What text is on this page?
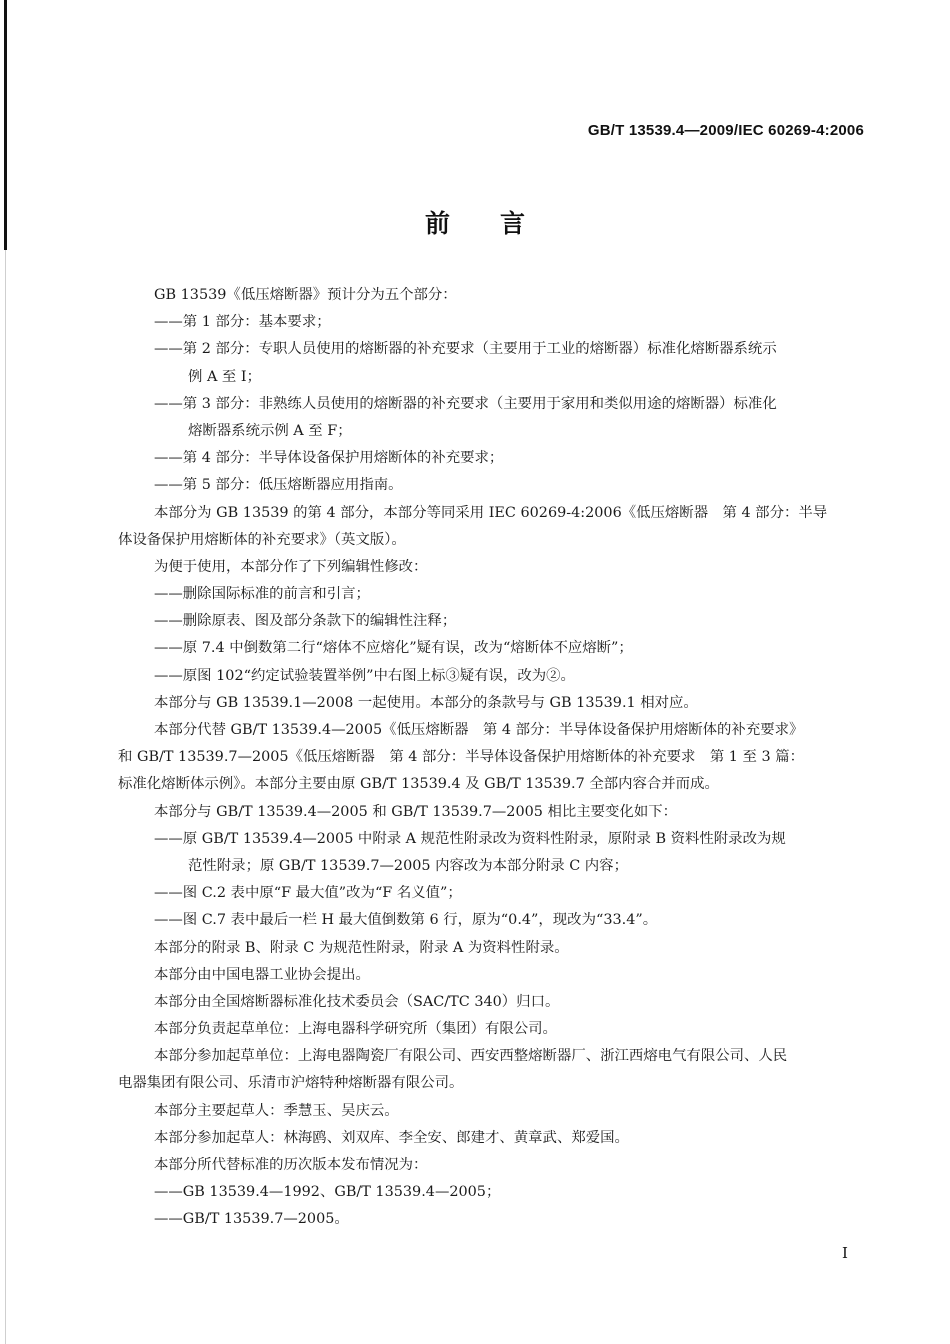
GB/T 13539.4—2009/IEC 60269-4:2006
前言
GB 13539《低压熔断器》预计分为五个部分：
——第 1 部分：基本要求；
——第 2 部分：专职人员使用的熔断器的补充要求（主要用于工业的熔断器）标准化熔断器系统示
例 A 至 I；
——第 3 部分：非熟练人员使用的熔断器的补充要求（主要用于家用和类似用途的熔断器）标准化
熔断器系统示例 A 至 F；
——第 4 部分：半导体设备保护用熔断体的补充要求；
——第 5 部分：低压熔断器应用指南。
本部分为 GB 13539 的第 4 部分，本部分等同采用 IEC 60269-4:2006《低压熔断器　第 4 部分：半导
体设备保护用熔断体的补充要求》（英文版）。
为便于使用，本部分作了下列编辑性修改：
——删除国际标准的前言和引言；
——删除原表、图及部分条款下的编辑性注释；
——原 7.4 中倒数第二行“熔体不应熔化”疑有误，改为“熔断体不应熔断”；
——原图 102“约定试验装置举例”中右图上标③疑有误，改为②。
本部分与 GB 13539.1—2008 一起使用。本部分的条款号与 GB 13539.1 相对应。
本部分代替 GB/T 13539.4—2005《低压熔断器　第 4 部分：半导体设备保护用熔断体的补充要求》
和 GB/T 13539.7—2005《低压熔断器　第 4 部分：半导体设备保护用熔断体的补充要求　第 1 至 3 篇：
标准化熔断体示例》。本部分主要由原 GB/T 13539.4 及 GB/T 13539.7 全部内容合并而成。
本部分与 GB/T 13539.4—2005 和 GB/T 13539.7—2005 相比主要变化如下：
——原 GB/T 13539.4—2005 中附录 A 规范性附录改为资料性附录，原附录 B 资料性附录改为规
范性附录；原 GB/T 13539.7—2005 内容改为本部分附录 C 内容；
——图 C.2 表中原“F 最大值”改为“F 名义值”；
——图 C.7 表中最后一栏 H 最大值倒数第 6 行，原为“0.4”，现改为“33.4”。
本部分的附录 B、附录 C 为规范性附录，附录 A 为资料性附录。
本部分由中国电器工业协会提出。
本部分由全国熔断器标准化技术委员会（SAC/TC 340）归口。
本部分负责起草单位：上海电器科学研究所（集团）有限公司。
本部分参加起草单位：上海电器陶瓷厂有限公司、西安西整熔断器厂、浙江西熔电气有限公司、人民
电器集团有限公司、乐清市沪熔特种熔断器有限公司。
本部分主要起草人：季慧玉、吴庆云。
本部分参加起草人：林海鸥、刘双库、李全安、郎建才、黄章武、郑爱国。
本部分所代替标准的历次版本发布情况为：
——GB 13539.4—1992、GB/T 13539.4—2005；
——GB/T 13539.7—2005。
I
